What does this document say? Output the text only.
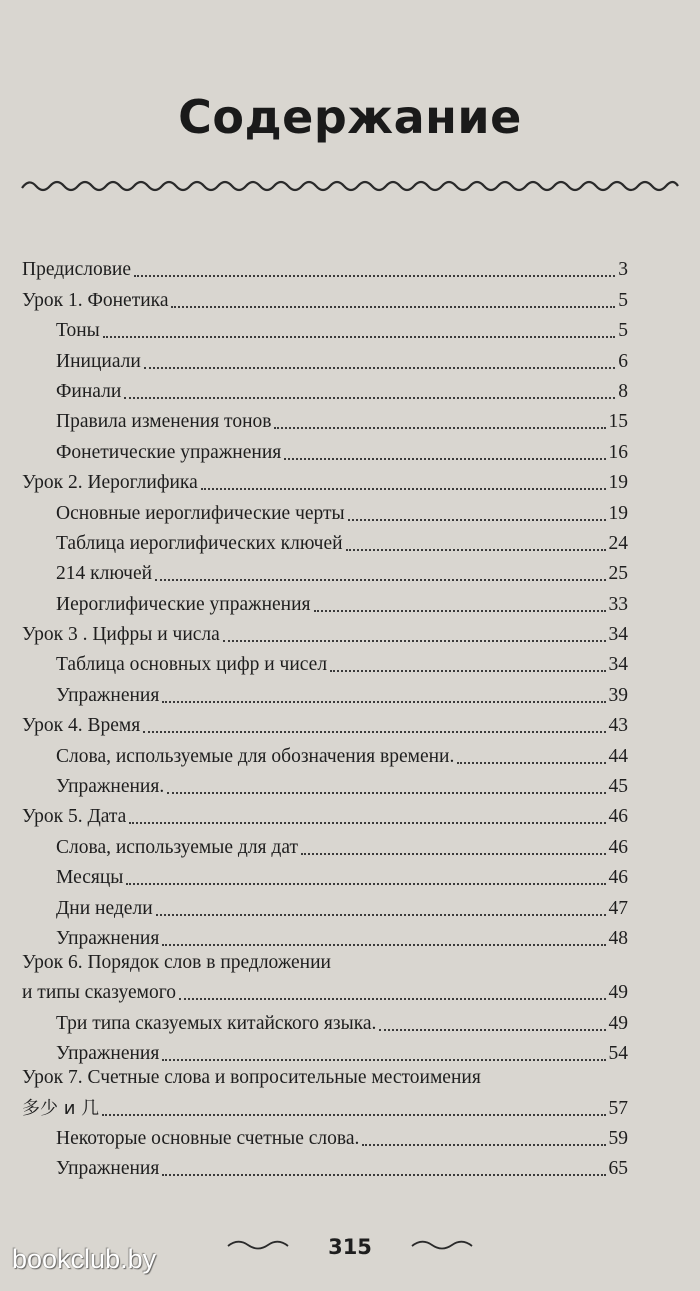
Содержание
Предисловие	3
Урок 1. Фонетика	5
Тоны	5
Инициали	6
Финали	8
Правила изменения тонов	15
Фонетические упражнения	16
Урок 2. Иероглифика	19
Основные иероглифические черты	19
Таблица иероглифических ключей	24
214 ключей	25
Иероглифические упражнения	33
Урок 3 . Цифры и числа	34
Таблица основных цифр и чисел	34
Упражнения	39
Урок 4. Время	43
Слова, используемые для обозначения времени.	44
Упражнения.	45
Урок 5. Дата	46
Слова, используемые для дат	46
Месяцы	46
Дни недели	47
Упражнения	48
Урок 6. Порядок слов в предложении
и типы сказуемого	49
Три типа сказуемых китайского языка.	49
Упражнения	54
Урок 7. Счетные слова и вопросительные местоимения
多少 и 几	57
Некоторые основные счетные слова.	59
Упражнения	65
315
bookclub.by
